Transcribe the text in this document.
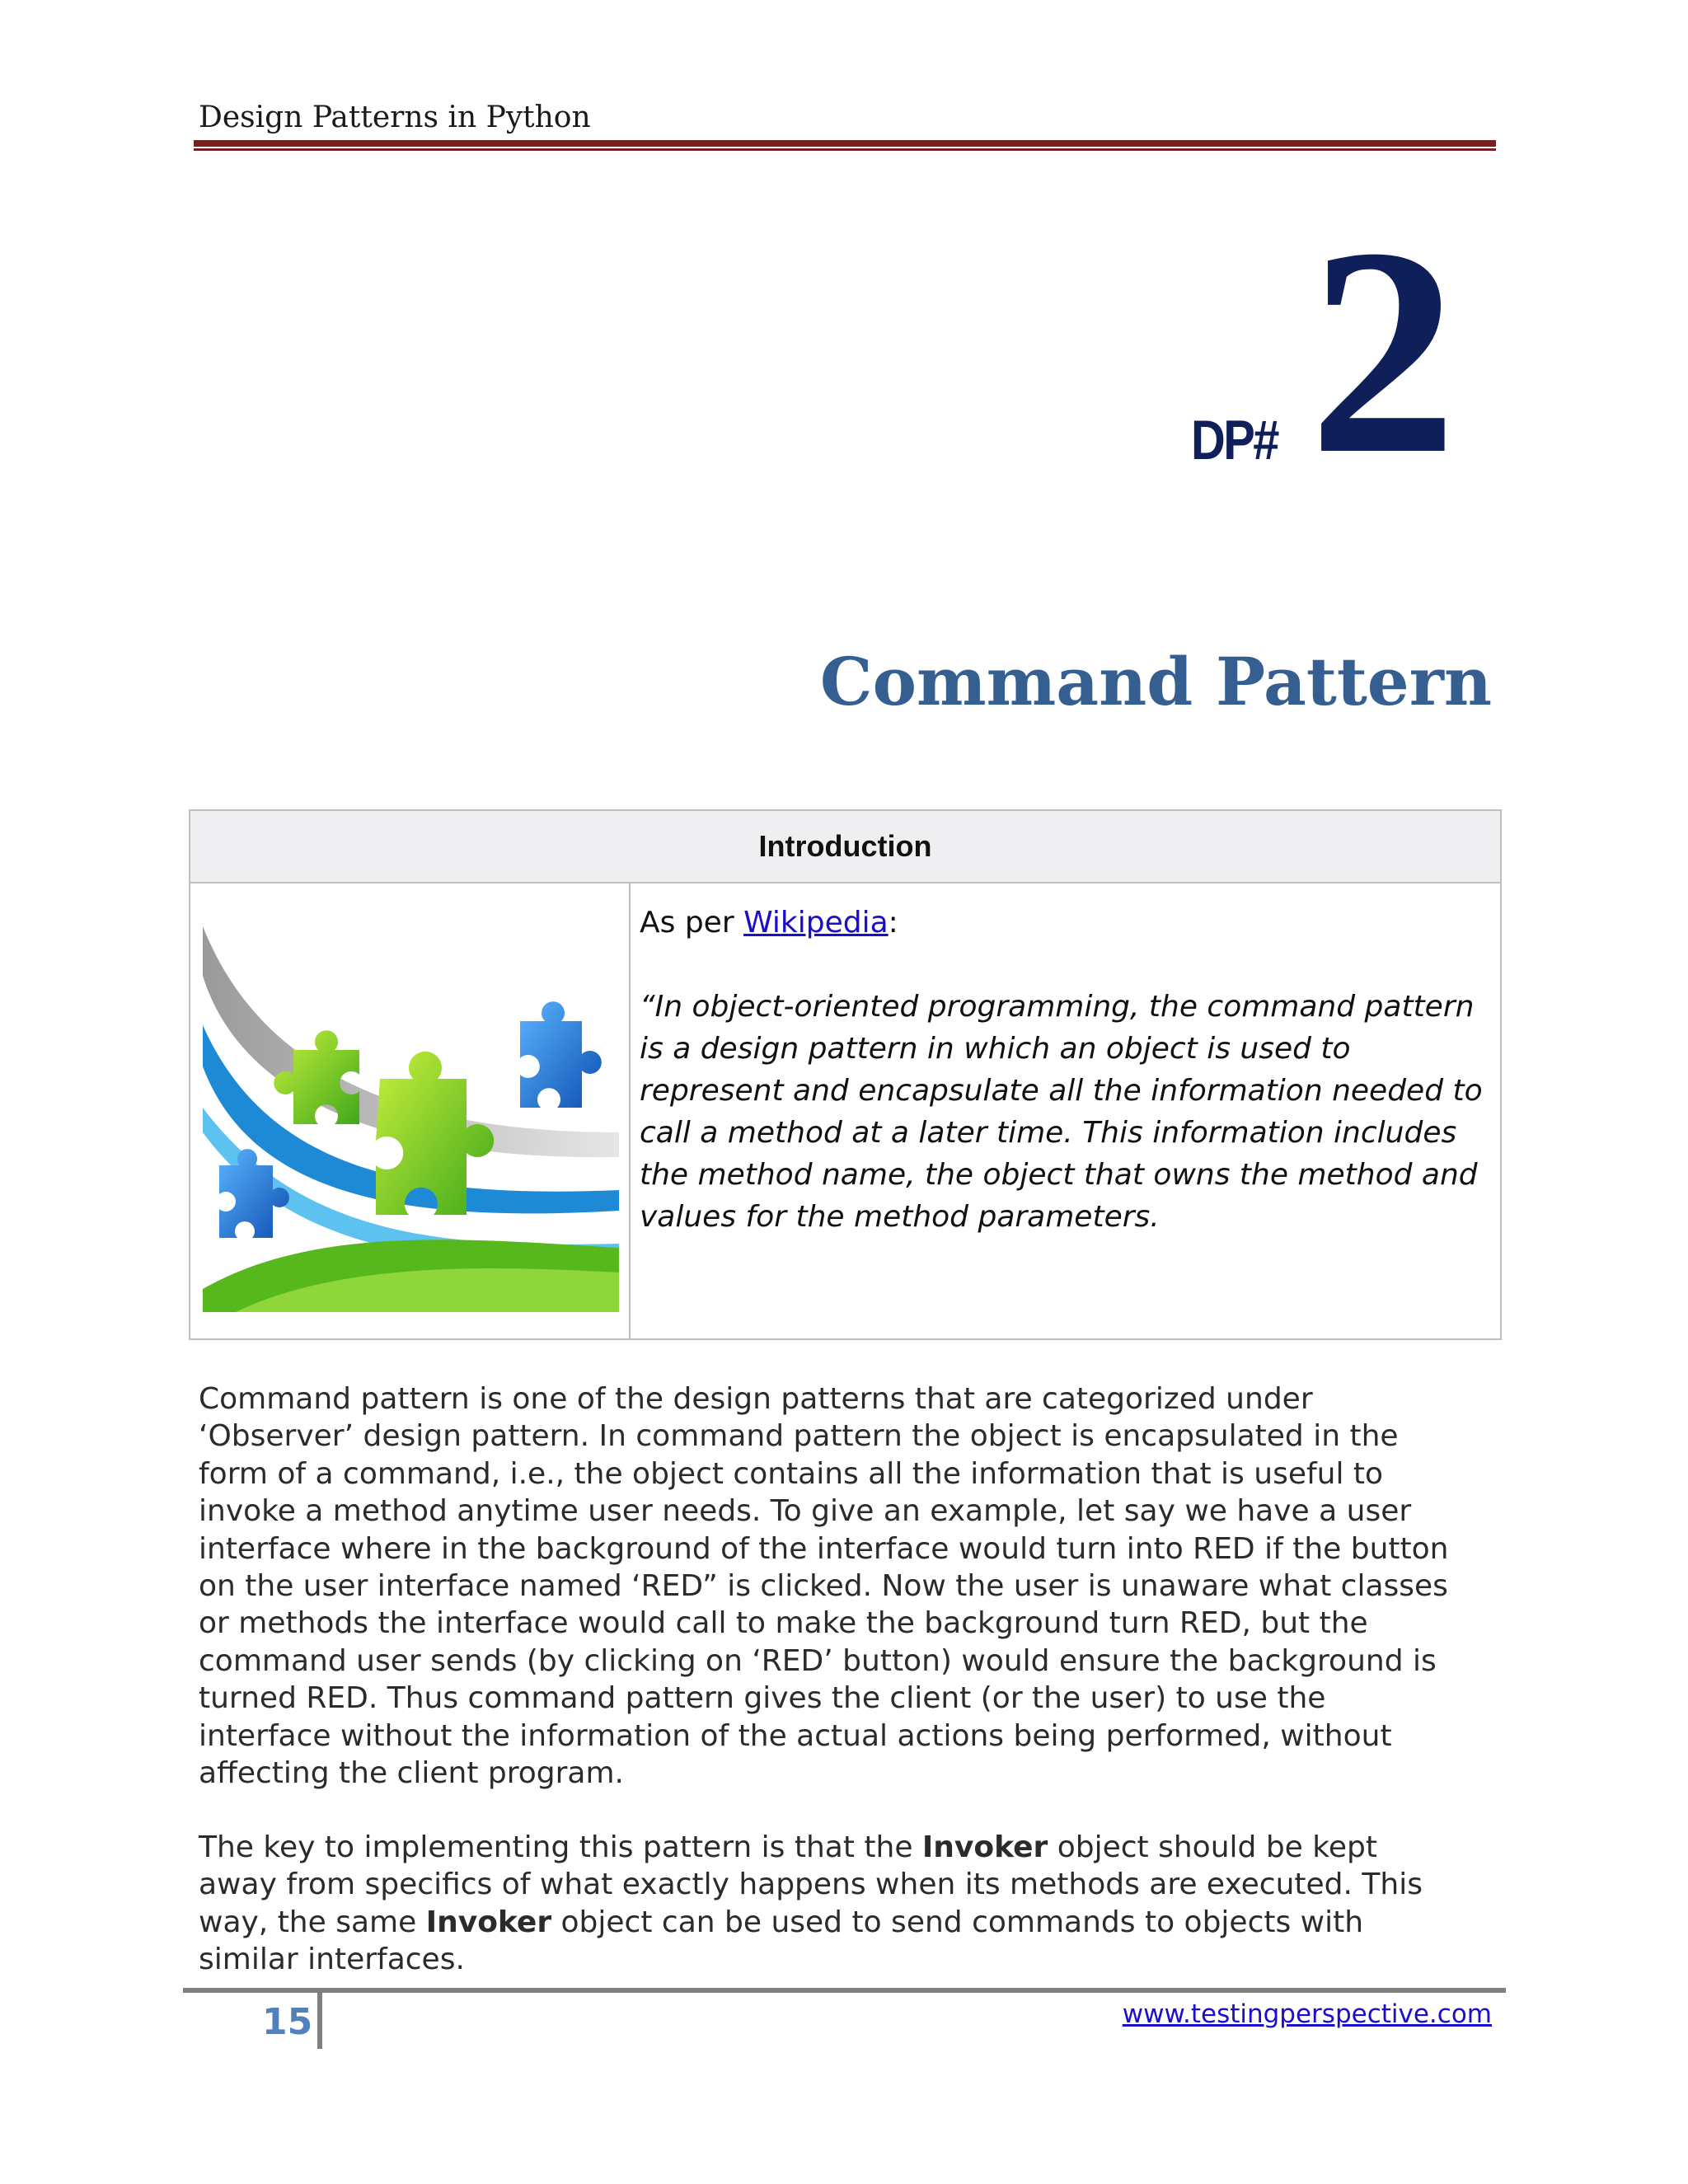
Design Patterns in Python
DP# 2
Command Pattern
Introduction
As per Wikipedia:
“In object-oriented programming, the command pattern is a design pattern in which an object is used to represent and encapsulate all the information needed to call a method at a later time. This information includes the method name, the object that owns the method and values for the method parameters.
Command pattern is one of the design patterns that are categorized under
‘Observer’ design pattern. In command pattern the object is encapsulated in the
form of a command, i.e., the object contains all the information that is useful to
invoke a method anytime user needs. To give an example, let say we have a user
interface where in the background of the interface would turn into RED if the button
on the user interface named ‘RED” is clicked. Now the user is unaware what classes
or methods the interface would call to make the background turn RED, but the
command user sends (by clicking on ‘RED’ button) would ensure the background is
turned RED. Thus command pattern gives the client (or the user) to use the
interface without the information of the actual actions being performed, without
affecting the client program.
The key to implementing this pattern is that the Invoker object should be kept
away from specifics of what exactly happens when its methods are executed. This
way, the same Invoker object can be used to send commands to objects with
similar interfaces.
15	www.testingperspective.com
